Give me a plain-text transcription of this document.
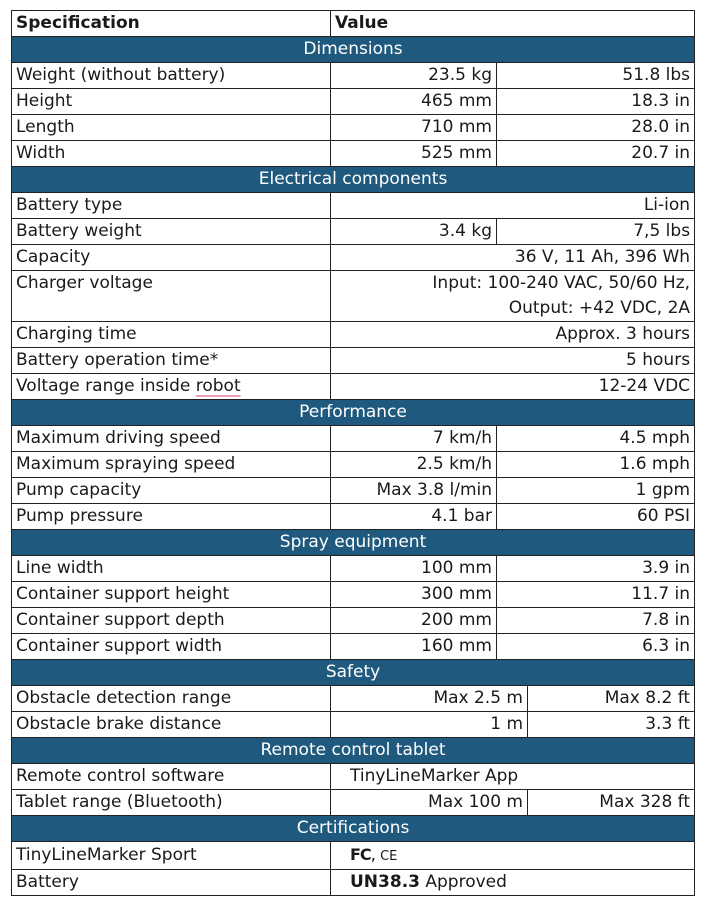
Specification	Value		
Dimensions			
Weight (without battery)	23.5 kg	51.8 lbs	
Height	465 mm	18.3 in	
Length	710 mm	28.0 in	
Width	525 mm	20.7 in	
Electrical components			
Battery type	Li-ion		
Battery weight	3.4 kg	7,5 lbs	
Capacity	36 V, 11 Ah, 396 Wh		
Charger voltage	Input: 100-240 VAC, 50/60 Hz,
Output: +42 VDC, 2A		

Charging time	Approx. 3 hours		
Battery operation time*	5 hours		
Voltage range inside robot	12-24 VDC		
Performance			
Maximum driving speed	7 km/h	4.5 mph	
Maximum spraying speed	2.5 km/h	1.6 mph	
Pump capacity	Max 3.8 l/min	1 gpm	
Pump pressure	4.1 bar	60 PSI	
Spray equipment			
Line width	100 mm	3.9 in	
Container support height	300 mm	11.7 in	
Container support depth	200 mm	7.8 in	
Container support width	160 mm	6.3 in	
Safety			
Obstacle detection range	Max 2.5 m		Max 8.2 ft
Obstacle brake distance	1 m		3.3 ft
Remote control tablet			
Remote control software	TinyLineMarker App		
Tablet range (Bluetooth)	Max 100 m		Max 328 ft
Certifications			
TinyLineMarker Sport	FC, CE		
Battery	UN38.3 Approved		
